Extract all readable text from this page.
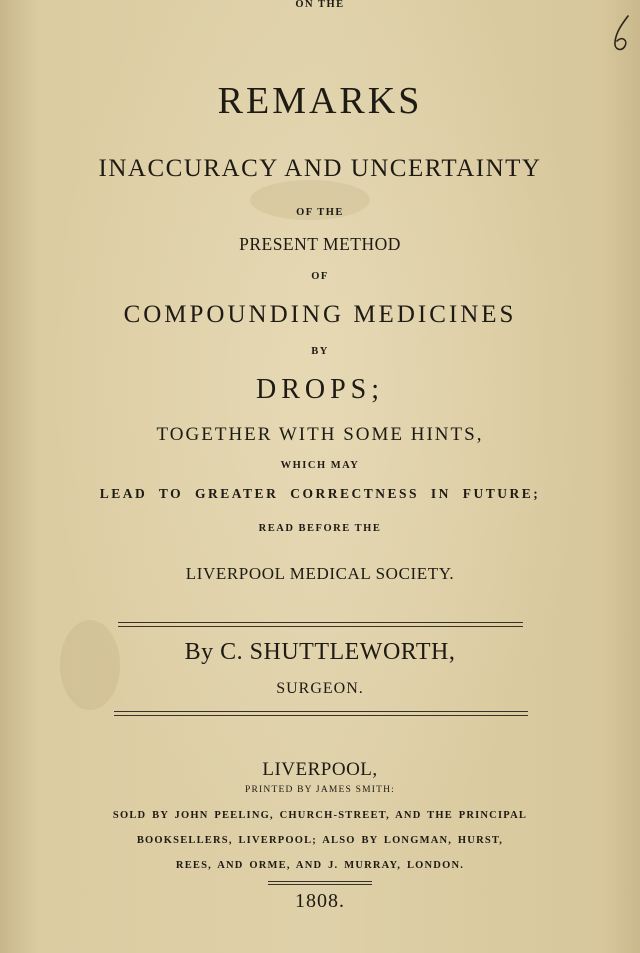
REMARKS
ON THE
INACCURACY AND UNCERTAINTY
OF THE
PRESENT METHOD
OF
COMPOUNDING MEDICINES
BY
DROPS;
TOGETHER WITH SOME HINTS,
WHICH MAY
LEAD TO GREATER CORRECTNESS IN FUTURE;
READ BEFORE THE
LIVERPOOL MEDICAL SOCIETY.
By C. SHUTTLEWORTH,
SURGEON.
LIVERPOOL,
PRINTED BY JAMES SMITH:
SOLD BY JOHN PEELING, CHURCH-STREET, AND THE PRINCIPAL
BOOKSELLERS, LIVERPOOL; ALSO BY LONGMAN, HURST,
REES, AND ORME, AND J. MURRAY, LONDON.
1808.
